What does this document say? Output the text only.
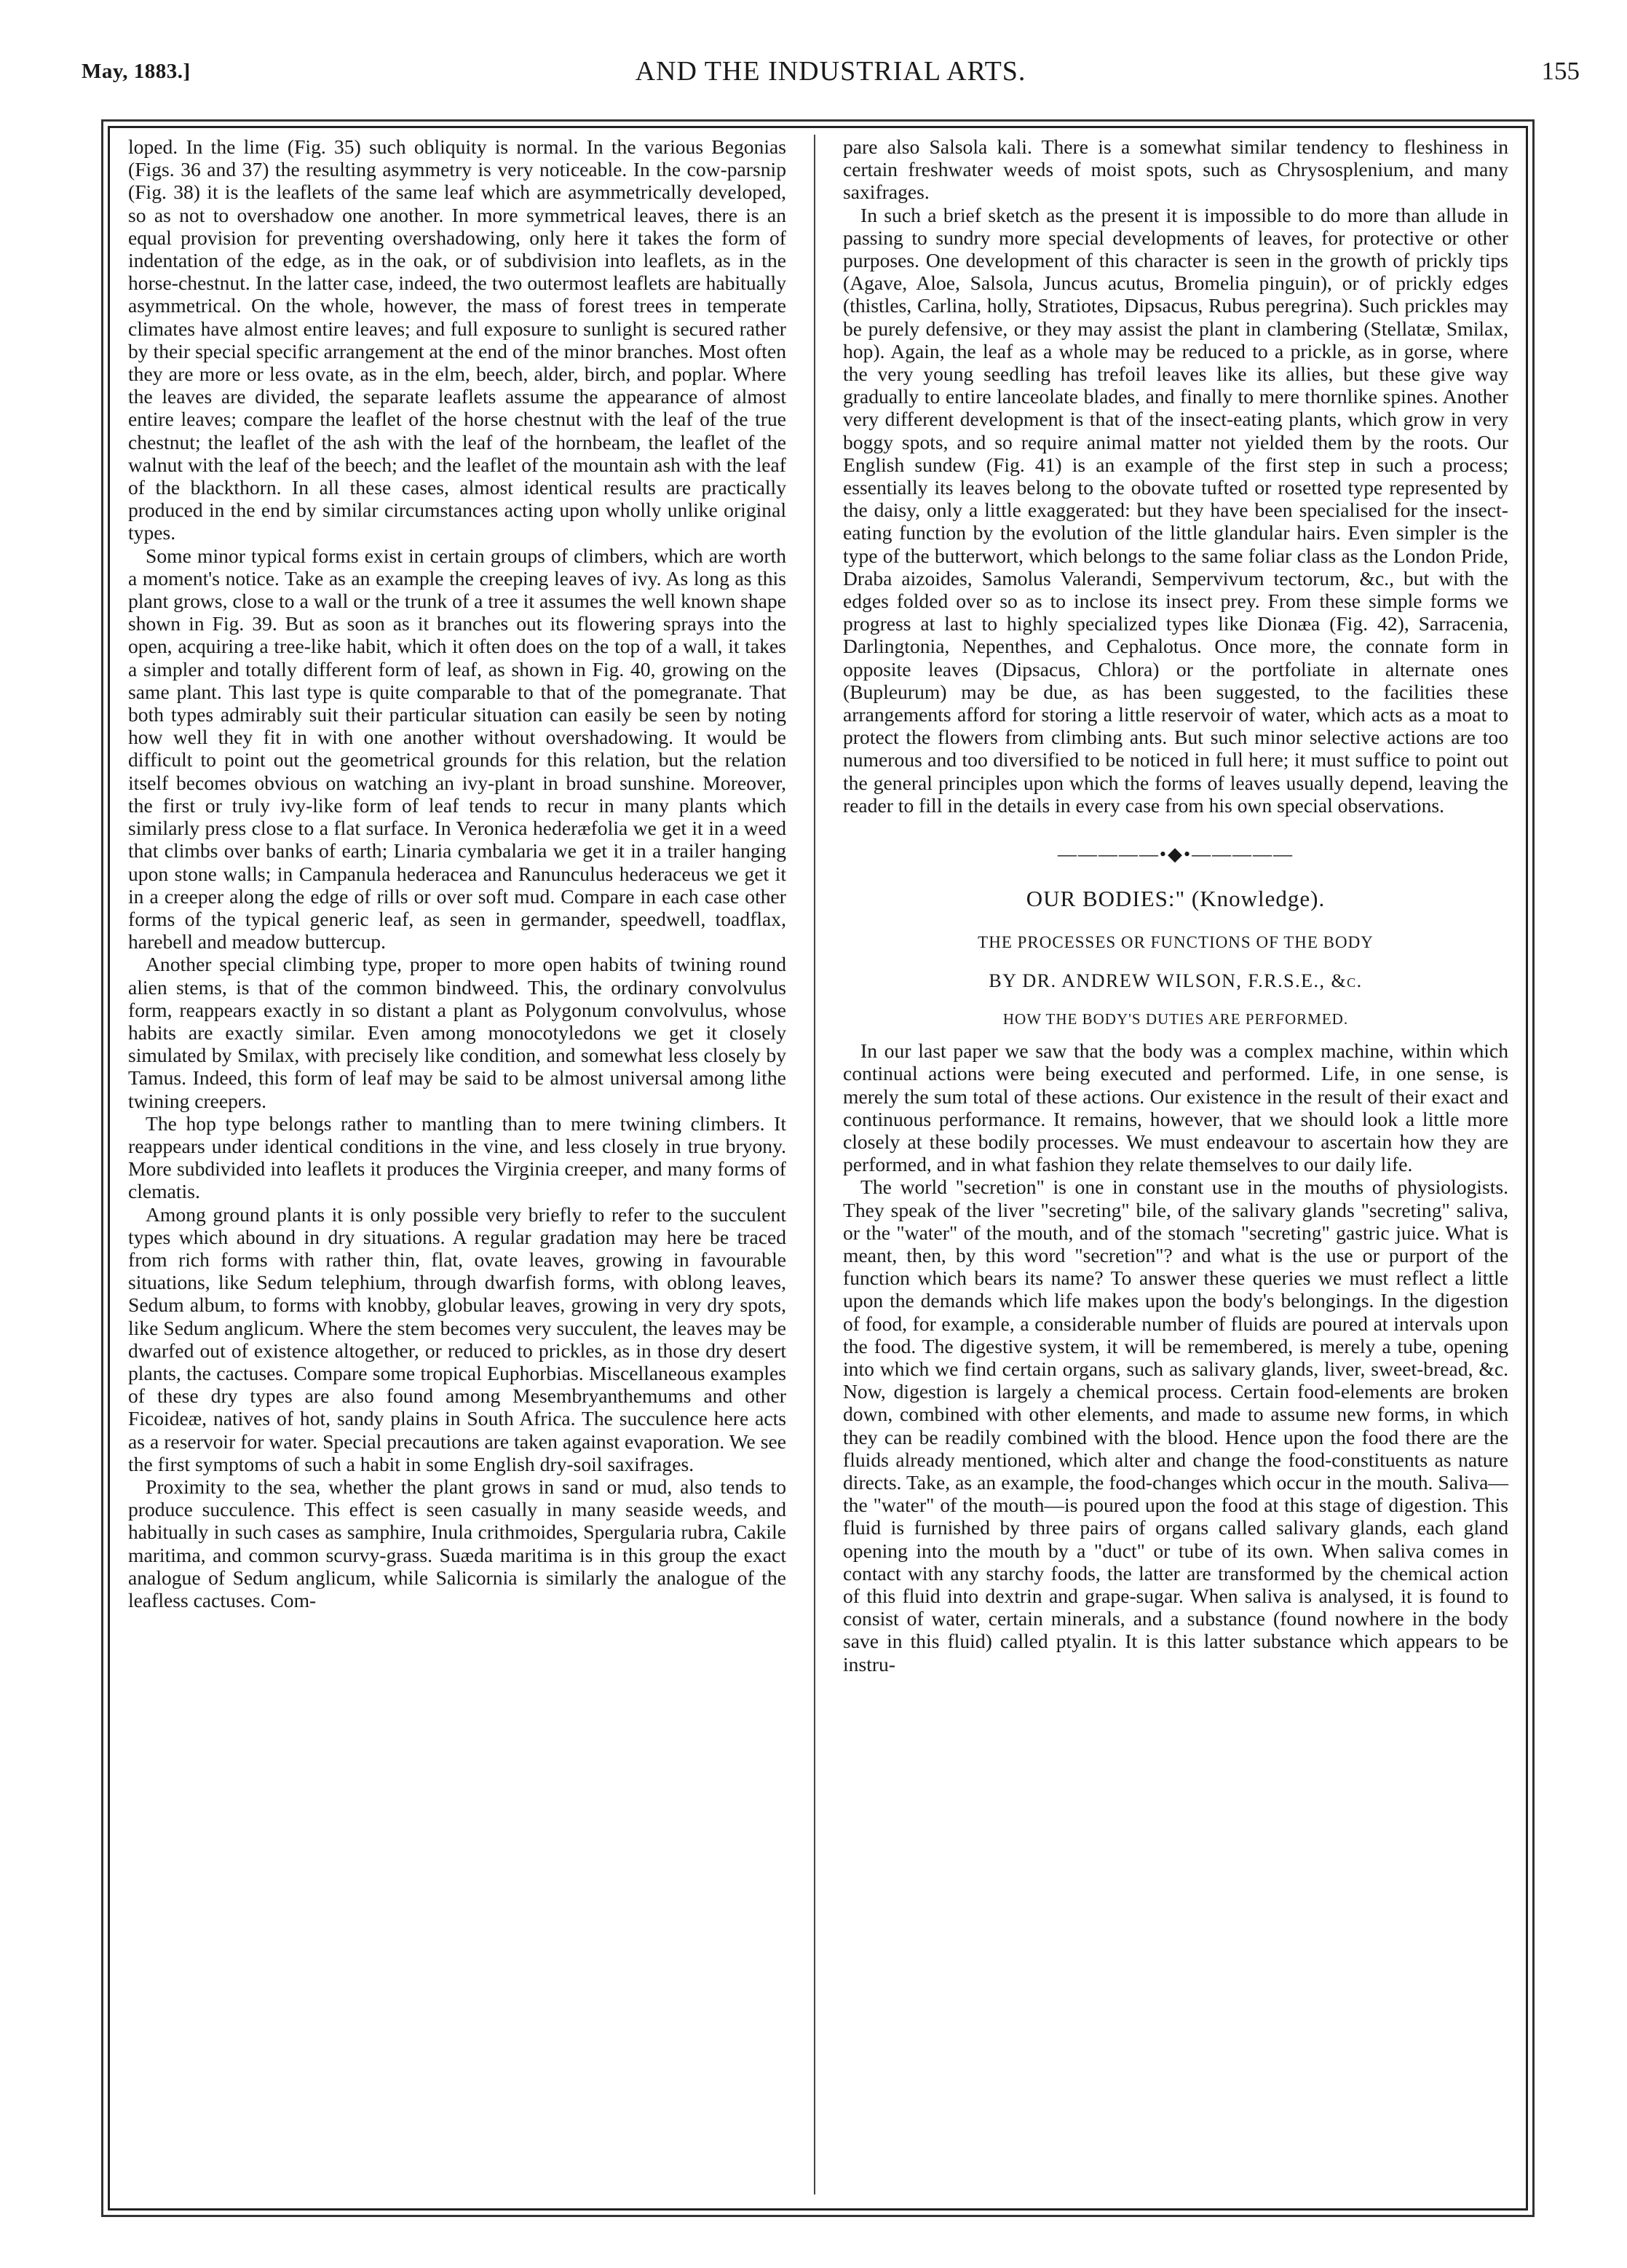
May, 1883.]	AND THE INDUSTRIAL ARTS.	155

loped. In the lime (Fig. 35) such obliquity is normal. In the various Begonias (Figs. 36 and 37) the resulting asymmetry is very noticeable. In the cow-parsnip (Fig. 38) it is the leaflets of the same leaf which are asymmetrically developed, so as not to overshadow one another. In more symmetrical leaves, there is an equal provision for preventing overshadowing, only here it takes the form of indentation of the edge, as in the oak, or of subdivision into leaflets, as in the horse-chestnut. In the latter case, indeed, the two outermost leaflets are habitually asymmetrical. On the whole, however, the mass of forest trees in temperate climates have almost entire leaves; and full exposure to sunlight is secured rather by their special specific arrangement at the end of the minor branches. Most often they are more or less ovate, as in the elm, beech, alder, birch, and poplar. Where the leaves are divided, the separate leaflets assume the appearance of almost entire leaves; compare the leaflet of the horse chestnut with the leaf of the true chestnut; the leaflet of the ash with the leaf of the hornbeam, the leaflet of the walnut with the leaf of the beech; and the leaflet of the mountain ash with the leaf of the blackthorn. In all these cases, almost identical results are practically produced in the end by similar circumstances acting upon wholly unlike original types.

Some minor typical forms exist in certain groups of climbers, which are worth a moment's notice. Take as an example the creeping leaves of ivy. As long as this plant grows, close to a wall or the trunk of a tree it assumes the well known shape shown in Fig. 39. But as soon as it branches out its flowering sprays into the open, acquiring a tree-like habit, which it often does on the top of a wall, it takes a simpler and totally different form of leaf, as shown in Fig. 40, growing on the same plant. This last type is quite comparable to that of the pomegranate. That both types admirably suit their particular situation can easily be seen by noting how well they fit in with one another without overshadowing. It would be difficult to point out the geometrical grounds for this relation, but the relation itself becomes obvious on watching an ivy-plant in broad sunshine. Moreover, the first or truly ivy-like form of leaf tends to recur in many plants which similarly press close to a flat surface. In Veronica hederæfolia we get it in a weed that climbs over banks of earth; Linaria cymbalaria we get it in a trailer hanging upon stone walls; in Campanula hederacea and Ranunculus hederaceus we get it in a creeper along the edge of rills or over soft mud. Compare in each case other forms of the typical generic leaf, as seen in germander, speedwell, toadflax, harebell and meadow buttercup.

Another special climbing type, proper to more open habits of twining round alien stems, is that of the common bindweed. This, the ordinary convolvulus form, reappears exactly in so distant a plant as Polygonum convolvulus, whose habits are exactly similar. Even among monocotyledons we get it closely simulated by Smilax, with precisely like condition, and somewhat less closely by Tamus. Indeed, this form of leaf may be said to be almost universal among lithe twining creepers.

The hop type belongs rather to mantling than to mere twining climbers. It reappears under identical conditions in the vine, and less closely in true bryony. More subdivided into leaflets it produces the Virginia creeper, and many forms of clematis.

Among ground plants it is only possible very briefly to refer to the succulent types which abound in dry situations. A regular gradation may here be traced from rich forms with rather thin, flat, ovate leaves, growing in favourable situations, like Sedum telephium, through dwarfish forms, with oblong leaves, Sedum album, to forms with knobby, globular leaves, growing in very dry spots, like Sedum anglicum. Where the stem becomes very succulent, the leaves may be dwarfed out of existence altogether, or reduced to prickles, as in those dry desert plants, the cactuses. Compare some tropical Euphorbias. Miscellaneous examples of these dry types are also found among Mesembryanthemums and other Ficoideæ, natives of hot, sandy plains in South Africa. The succulence here acts as a reservoir for water. Special precautions are taken against evaporation. We see the first symptoms of such a habit in some English dry-soil saxifrages.

Proximity to the sea, whether the plant grows in sand or mud, also tends to produce succulence. This effect is seen casually in many seaside weeds, and habitually in such cases as samphire, Inula crithmoides, Spergularia rubra, Cakile maritima, and common scurvy-grass. Suæda maritima is in this group the exact analogue of Sedum anglicum, while Salicornia is similarly the analogue of the leafless cactuses. Com-

pare also Salsola kali. There is a somewhat similar tendency to fleshiness in certain freshwater weeds of moist spots, such as Chrysosplenium, and many saxifrages.

In such a brief sketch as the present it is impossible to do more than allude in passing to sundry more special developments of leaves, for protective or other purposes. One development of this character is seen in the growth of prickly tips (Agave, Aloe, Salsola, Juncus acutus, Bromelia pinguin), or of prickly edges (thistles, Carlina, holly, Stratiotes, Dipsacus, Rubus peregrina). Such prickles may be purely defensive, or they may assist the plant in clambering (Stellatæ, Smilax, hop). Again, the leaf as a whole may be reduced to a prickle, as in gorse, where the very young seedling has trefoil leaves like its allies, but these give way gradually to entire lanceolate blades, and finally to mere thornlike spines. Another very different development is that of the insect-eating plants, which grow in very boggy spots, and so require animal matter not yielded them by the roots. Our English sundew (Fig. 41) is an example of the first step in such a process; essentially its leaves belong to the obovate tufted or rosetted type represented by the daisy, only a little exaggerated: but they have been specialised for the insect-eating function by the evolution of the little glandular hairs. Even simpler is the type of the butterwort, which belongs to the same foliar class as the London Pride, Draba aizoides, Samolus Valerandi, Sempervivum tectorum, &c., but with the edges folded over so as to inclose its insect prey. From these simple forms we progress at last to highly specialized types like Dionæa (Fig. 42), Sarracenia, Darlingtonia, Nepenthes, and Cephalotus. Once more, the connate form in opposite leaves (Dipsacus, Chlora) or the portfoliate in alternate ones (Bupleurum) may be due, as has been suggested, to the facilities these arrangements afford for storing a little reservoir of water, which acts as a moat to protect the flowers from climbing ants. But such minor selective actions are too numerous and too diversified to be noticed in full here; it must suffice to point out the general principles upon which the forms of leaves usually depend, leaving the reader to fill in the details in every case from his own special observations.

—————•◆•—————
OUR BODIES:" (Knowledge).
THE PROCESSES OR FUNCTIONS OF THE BODY
BY DR. ANDREW WILSON, F.R.S.E., &c.
HOW THE BODY'S DUTIES ARE PERFORMED.

In our last paper we saw that the body was a complex machine, within which continual actions were being executed and performed. Life, in one sense, is merely the sum total of these actions. Our existence in the result of their exact and continuous performance. It remains, however, that we should look a little more closely at these bodily processes. We must endeavour to ascertain how they are performed, and in what fashion they relate themselves to our daily life.

The world "secretion" is one in constant use in the mouths of physiologists. They speak of the liver "secreting" bile, of the salivary glands "secreting" saliva, or the "water" of the mouth, and of the stomach "secreting" gastric juice. What is meant, then, by this word "secretion"? and what is the use or purport of the function which bears its name? To answer these queries we must reflect a little upon the demands which life makes upon the body's belongings. In the digestion of food, for example, a considerable number of fluids are poured at intervals upon the food. The digestive system, it will be remembered, is merely a tube, opening into which we find certain organs, such as salivary glands, liver, sweet-bread, &c. Now, digestion is largely a chemical process. Certain food-elements are broken down, combined with other elements, and made to assume new forms, in which they can be readily combined with the blood. Hence upon the food there are the fluids already mentioned, which alter and change the food-constituents as nature directs. Take, as an example, the food-changes which occur in the mouth. Saliva—the "water" of the mouth—is poured upon the food at this stage of digestion. This fluid is furnished by three pairs of organs called salivary glands, each gland opening into the mouth by a "duct" or tube of its own. When saliva comes in contact with any starchy foods, the latter are transformed by the chemical action of this fluid into dextrin and grape-sugar. When saliva is analysed, it is found to consist of water, certain minerals, and a substance (found nowhere in the body save in this fluid) called ptyalin. It is this latter substance which appears to be instru-
